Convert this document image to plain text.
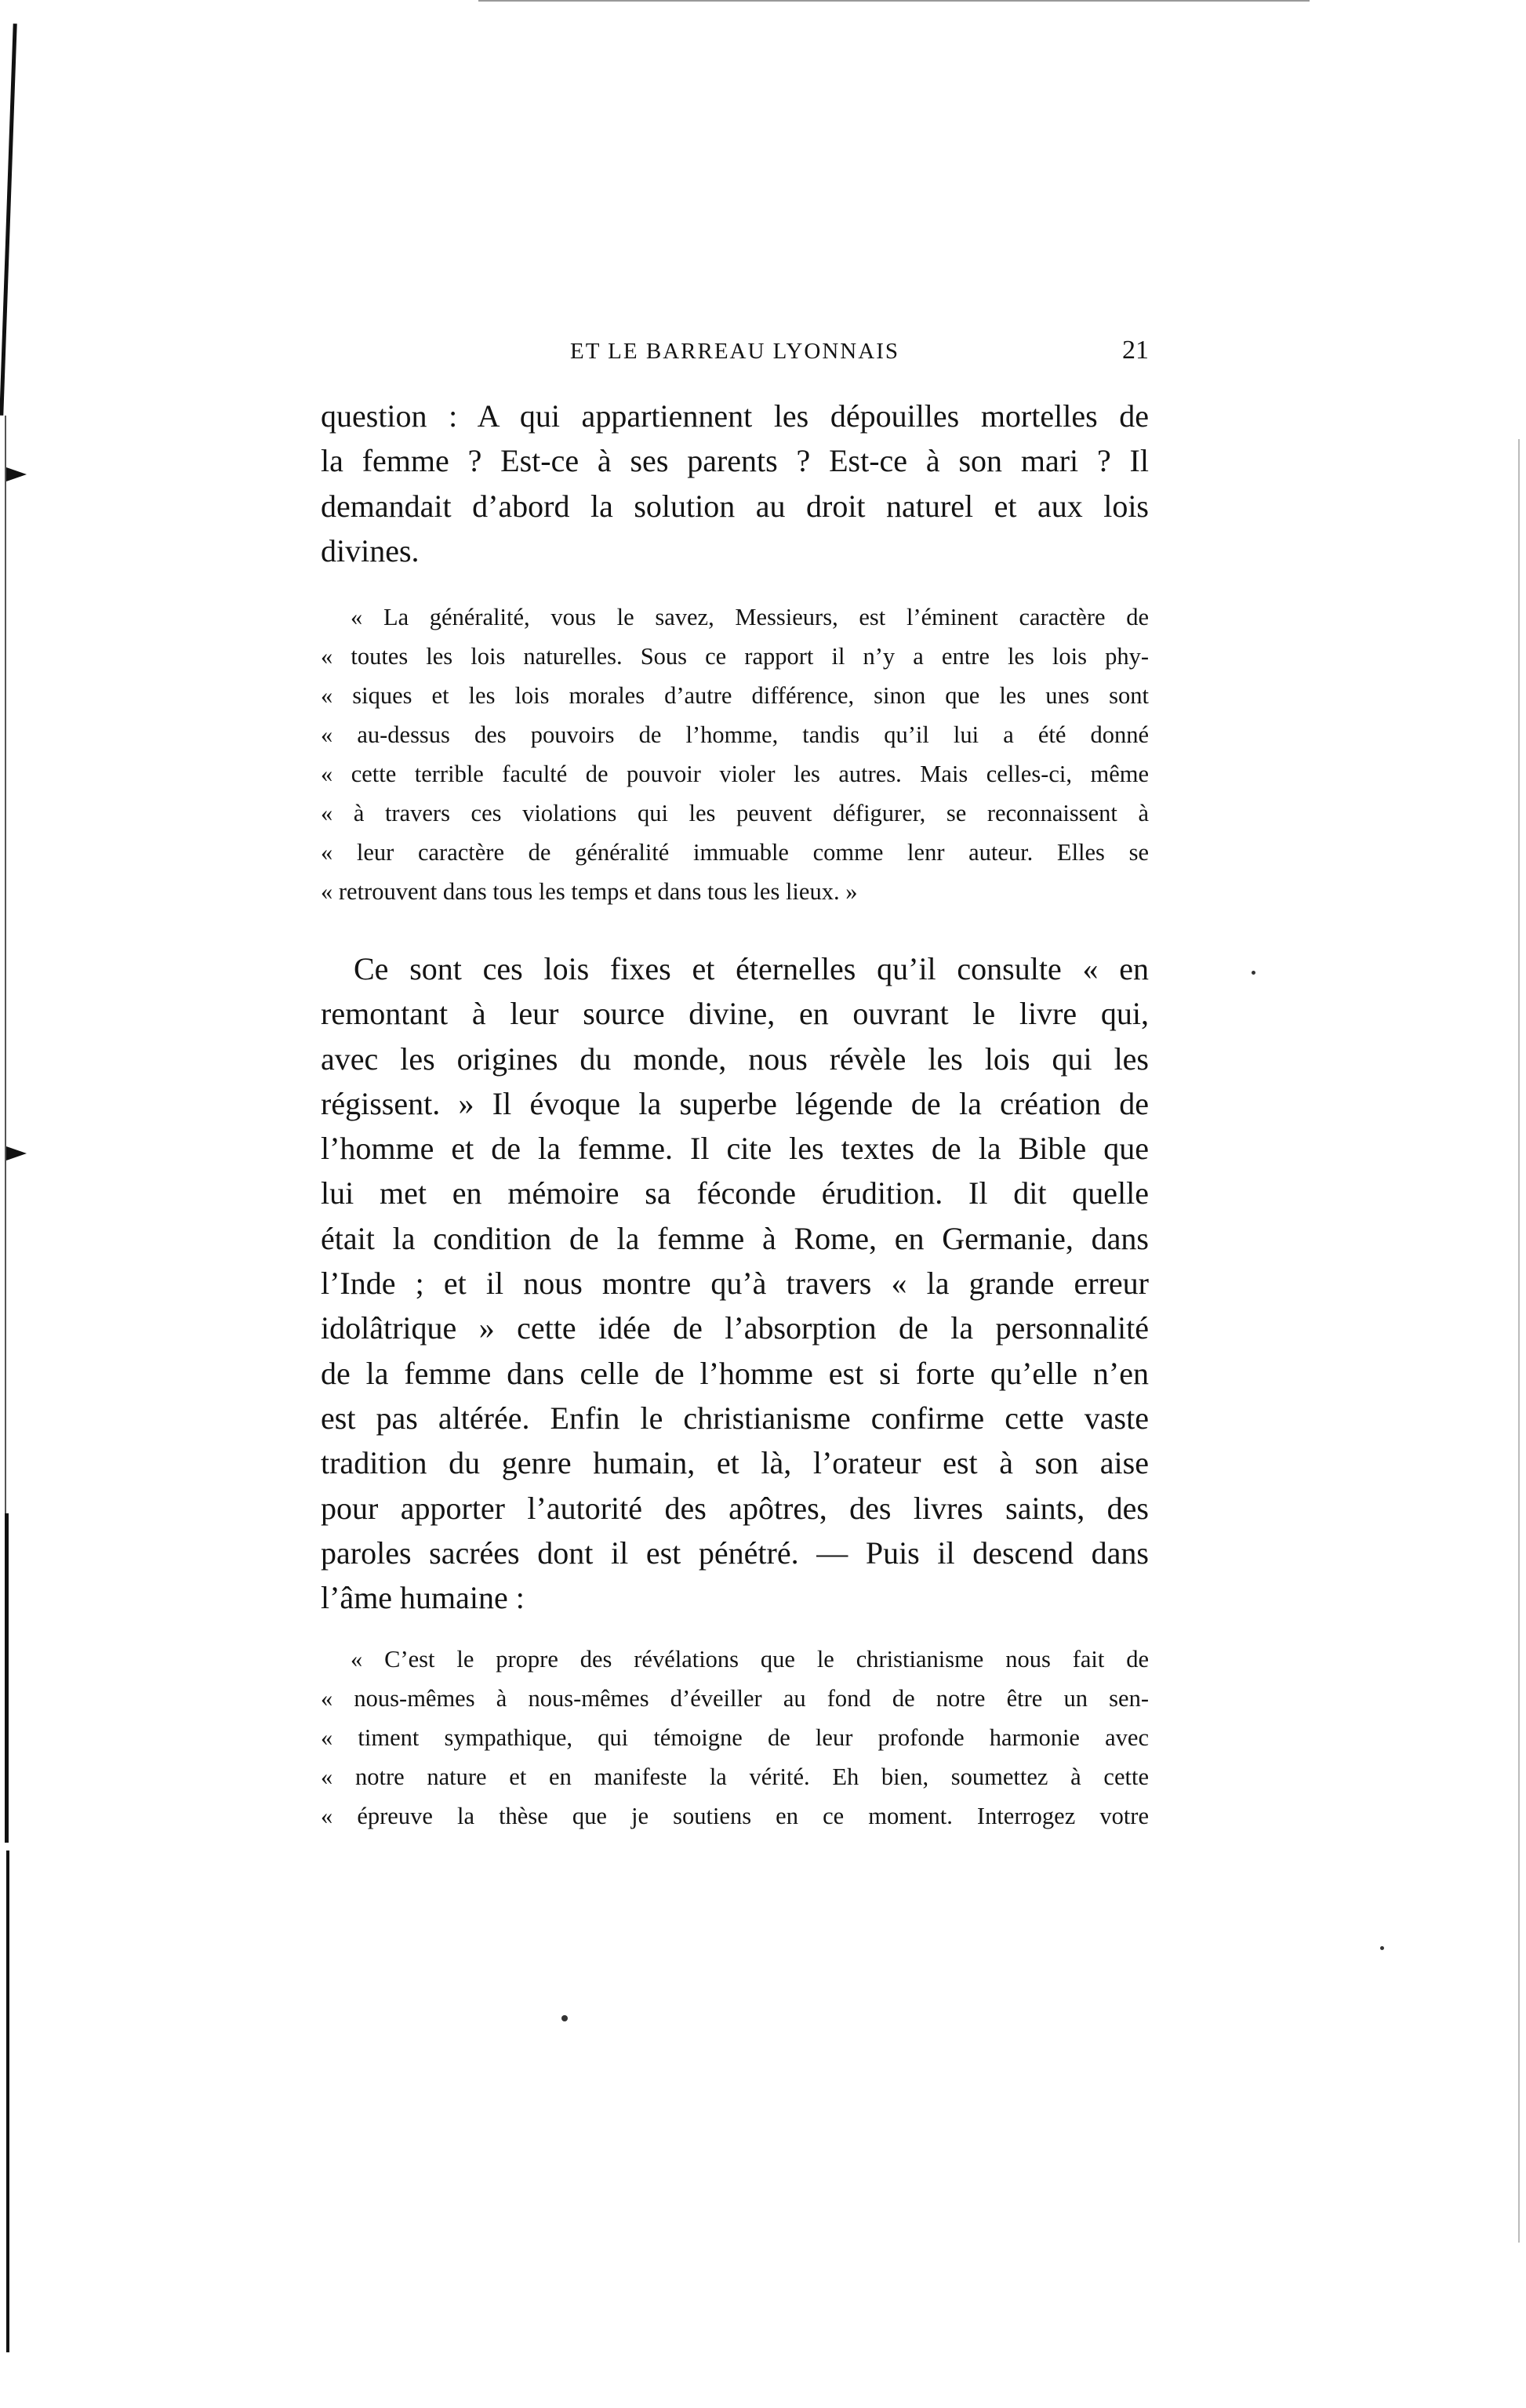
ET LE BARREAU LYONNAIS	21
question : A qui appartiennent les dépouilles mortelles de
la femme ? Est-ce à ses parents ? Est-ce à son mari ? Il
demandait d’abord la solution au droit naturel et aux lois
divines.
« La généralité, vous le savez, Messieurs, est l’éminent caractère de
« toutes les lois naturelles. Sous ce rapport il n’y a entre les lois phy-
« siques et les lois morales d’autre différence, sinon que les unes sont
« au-dessus des pouvoirs de l’homme, tandis qu’il lui a été donné
« cette terrible faculté de pouvoir violer les autres. Mais celles-ci, même
« à travers ces violations qui les peuvent défigurer, se reconnaissent à
« leur caractère de généralité immuable comme lenr auteur. Elles se
« retrouvent dans tous les temps et dans tous les lieux. »
Ce sont ces lois fixes et éternelles qu’il consulte « en
remontant à leur source divine, en ouvrant le livre qui,
avec les origines du monde, nous révèle les lois qui les
régissent. » Il évoque la superbe légende de la création de
l’homme et de la femme. Il cite les textes de la Bible que
lui met en mémoire sa féconde érudition. Il dit quelle
était la condition de la femme à Rome, en Germanie, dans
l’Inde ; et il nous montre qu’à travers « la grande erreur
idolâtrique » cette idée de l’absorption de la personnalité
de la femme dans celle de l’homme est si forte qu’elle n’en
est pas altérée. Enfin le christianisme confirme cette vaste
tradition du genre humain, et là, l’orateur est à son aise
pour apporter l’autorité des apôtres, des livres saints, des
paroles sacrées dont il est pénétré. — Puis il descend dans
l’âme humaine :
« C’est le propre des révélations que le christianisme nous fait de
« nous-mêmes à nous-mêmes d’éveiller au fond de notre être un sen-
« timent sympathique, qui témoigne de leur profonde harmonie avec
« notre nature et en manifeste la vérité. Eh bien, soumettez à cette
« épreuve la thèse que je soutiens en ce moment. Interrogez votre
